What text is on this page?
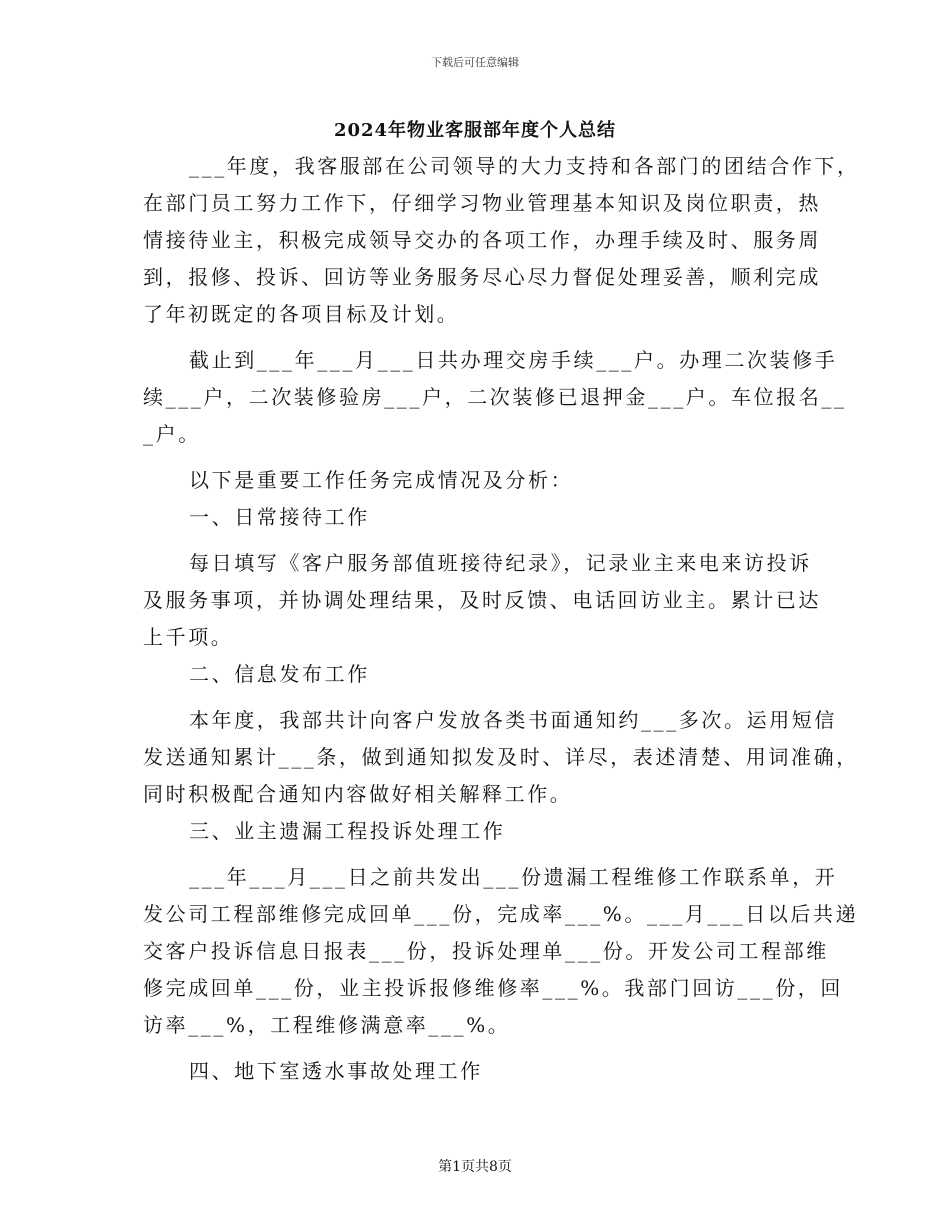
下载后可任意编辑
2024年物业客服部年度个人总结
___年度，我客服部在公司领导的大力支持和各部门的团结合作下，
在部门员工努力工作下，仔细学习物业管理基本知识及岗位职责，热
情接待业主，积极完成领导交办的各项工作，办理手续及时、服务周
到，报修、投诉、回访等业务服务尽心尽力督促处理妥善，顺利完成
了年初既定的各项目标及计划。
截止到___年___月___日共办理交房手续___户。办理二次装修手
续___户，二次装修验房___户，二次装修已退押金___户。车位报名__
_户。
以下是重要工作任务完成情况及分析：
一、日常接待工作
每日填写《客户服务部值班接待纪录》，记录业主来电来访投诉
及服务事项，并协调处理结果，及时反馈、电话回访业主。累计已达
上千项。
二、信息发布工作
本年度，我部共计向客户发放各类书面通知约___多次。运用短信
发送通知累计___条，做到通知拟发及时、详尽，表述清楚、用词准确，
同时积极配合通知内容做好相关解释工作。
三、业主遗漏工程投诉处理工作
___年___月___日之前共发出___份遗漏工程维修工作联系单，开
发公司工程部维修完成回单___份，完成率___%。___月___日以后共递
交客户投诉信息日报表___份，投诉处理单___份。开发公司工程部维
修完成回单___份，业主投诉报修维修率___%。我部门回访___份，回
访率___%，工程维修满意率___%。
四、地下室透水事故处理工作
第1页共8页
